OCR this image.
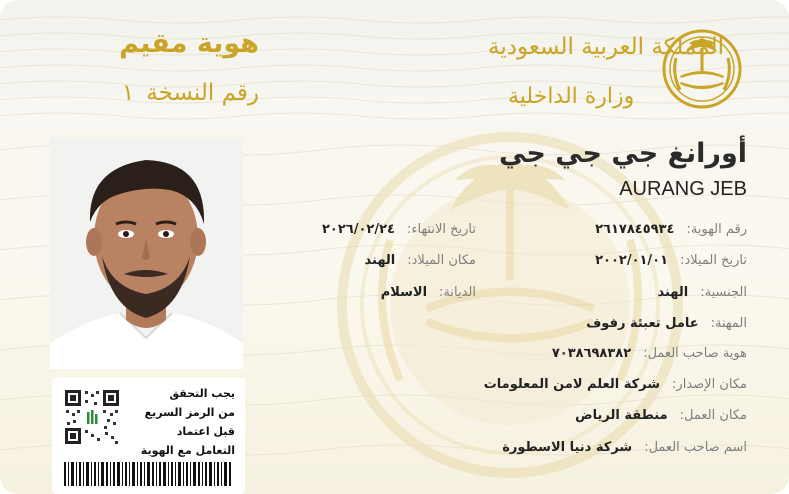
هوية مقيم
رقم النسخة١
المملكة العربية السعودية
وزارة الداخلية
أورانغ جي جي جي
AURANG JEB
رقم الهوية:
٢٦١٧٨٤٥٩٣٤
تاريخ الميلاد:
٢٠٠٢/٠١/٠١
الجنسية:
الهند
المهنة:
عامل تعبئة رفوف
هوية صاحب العمل:
٧٠٣٨٦٩٨٣٨٢
مكان الإصدار:
شركة العلم لامن المعلومات
مكان العمل:
منطقة الرياض
اسم صاحب العمل:
شركة دنيا الاسطورة
تاريخ الانتهاء:
٢٠٢٦/٠٢/٢٤
مكان الميلاد:
الهند
الديانة:
الاسلام
يجب التحقق
من الرمز السريع
قبل اعتماد
التعامل مع الهوية
